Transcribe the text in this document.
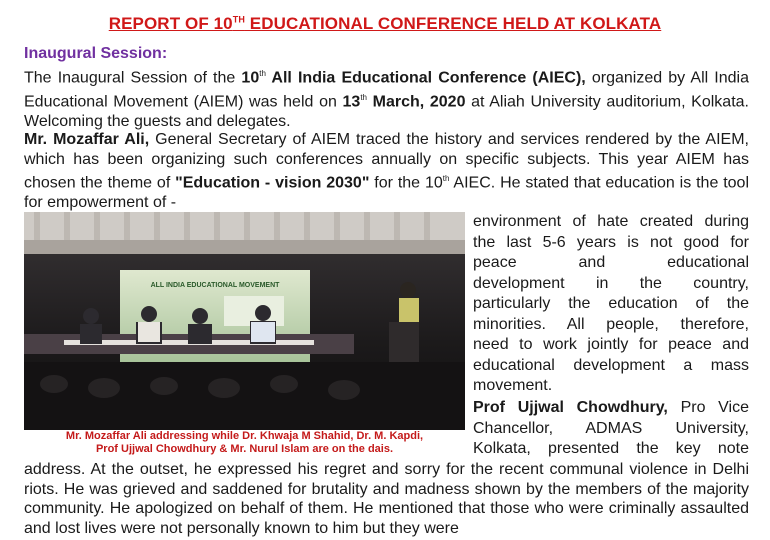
REPORT OF 10TH EDUCATIONAL CONFERENCE HELD AT KOLKATA
Inaugural Session:
The Inaugural Session of the 10th All India Educational Conference (AIEC), organized by All India Educational Movement (AIEM) was held on 13th March, 2020 at Aliah University auditorium, Kolkata. Welcoming the guests and delegates.
Mr. Mozaffar Ali, General Secretary of AIEM traced the history and services rendered by the AIEM, which has been organizing such conferences annually on specific subjects. This year AIEM has chosen the theme of "Education - vision 2030" for the 10th AIEC. He stated that education is the tool for empowerment of -
ALL INDIA EDUCATIONAL MOVEMENT
Mr. Mozaffar Ali addressing while Dr. Khwaja M Shahid, Dr. M. Kapdi,
Prof Ujjwal Chowdhury & Mr. Nurul Islam are on the dais.
environment of hate created during
the last 5-6 years is not good for
peace and educational
development in the country,
particularly the education of the
minorities. All people, therefore,
need to work jointly for peace and
educational development a mass
movement.
Prof Ujjwal Chowdhury, Pro Vice
Chancellor, ADMAS University,
Kolkata, presented the key note
address. At the outset, he expressed his regret and sorry for the recent communal violence in Delhi riots. He was grieved and saddened for brutality and madness shown by the members of the majority community. He apologized on behalf of them. He mentioned that those who were criminally assaulted and lost lives were not personally known to him but they were
